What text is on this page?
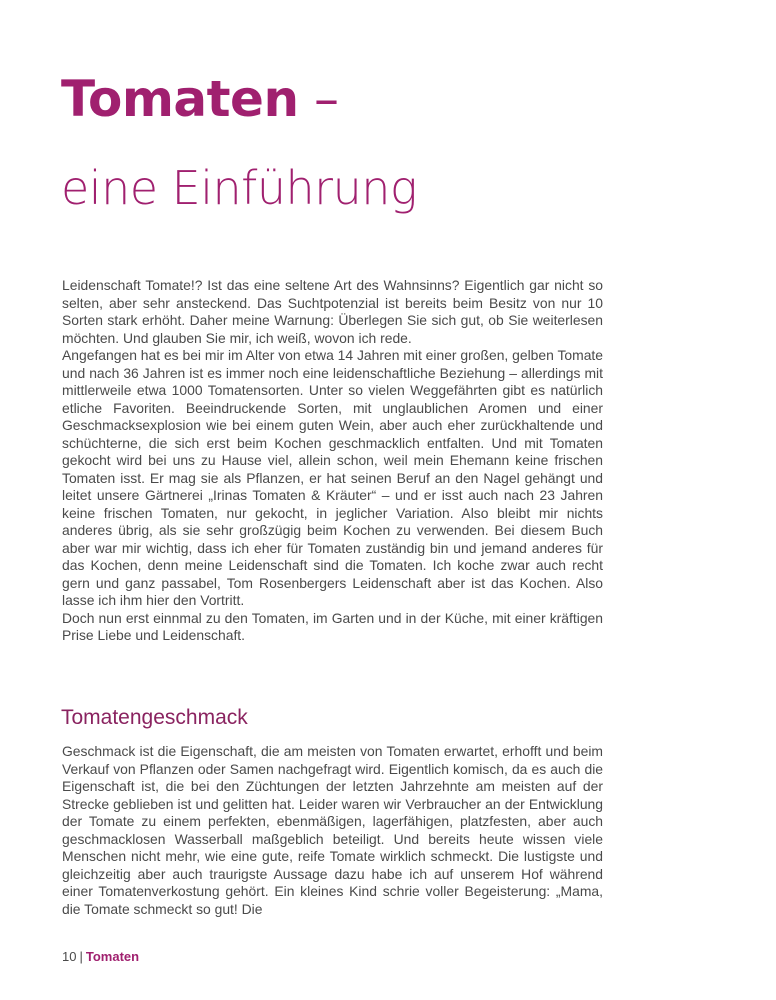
Tomaten –
eine Einführung

Leidenschaft Tomate!? Ist das eine seltene Art des Wahnsinns? Eigentlich gar nicht so selten, aber sehr ansteckend. Das Suchtpotenzial ist bereits beim Besitz von nur 10 Sorten stark erhöht. Daher meine Warnung: Überlegen Sie sich gut, ob Sie weiterlesen möchten. Und glauben Sie mir, ich weiß, wovon ich rede.

Angefangen hat es bei mir im Alter von etwa 14 Jahren mit einer großen, gelben Tomate und nach 36 Jahren ist es immer noch eine leidenschaftliche Beziehung – allerdings mit mittlerweile etwa 1000 Tomatensorten. Unter so vielen Weggefährten gibt es natürlich etliche Favoriten. Beeindruckende Sorten, mit unglaublichen Aromen und einer Geschmacksexplosion wie bei einem guten Wein, aber auch eher zurückhaltende und schüchterne, die sich erst beim Kochen geschmacklich entfalten. Und mit Tomaten gekocht wird bei uns zu Hause viel, allein schon, weil mein Ehemann keine frischen Tomaten isst. Er mag sie als Pflanzen, er hat seinen Beruf an den Nagel gehängt und leitet unsere Gärtnerei „Irinas Tomaten & Kräuter“ – und er isst auch nach 23 Jahren keine frischen Tomaten, nur gekocht, in jeglicher Variation. Also bleibt mir nichts anderes übrig, als sie sehr großzügig beim Kochen zu verwenden. Bei diesem Buch aber war mir wichtig, dass ich eher für Tomaten zuständig bin und jemand anderes für das Kochen, denn meine Leidenschaft sind die Tomaten. Ich koche zwar auch recht gern und ganz passabel, Tom Rosenbergers Leidenschaft aber ist das Kochen. Also lasse ich ihm hier den Vortritt.

Doch nun erst einnmal zu den Tomaten, im Garten und in der Küche, mit einer kräftigen Prise Liebe und Leidenschaft.

Tomatengeschmack

Geschmack ist die Eigenschaft, die am meisten von Tomaten erwartet, erhofft und beim Verkauf von Pflanzen oder Samen nachgefragt wird. Eigentlich komisch, da es auch die Eigenschaft ist, die bei den Züchtungen der letzten Jahrzehnte am meisten auf der Strecke geblieben ist und gelitten hat. Leider waren wir Verbraucher an der Entwicklung der Tomate zu einem perfekten, ebenmäßigen, lagerfähigen, platzfesten, aber auch geschmacklosen Wasserball maßgeblich beteiligt. Und bereits heute wissen viele Menschen nicht mehr, wie eine gute, reife Tomate wirklich schmeckt. Die lustigste und gleichzeitig aber auch traurigste Aussage dazu habe ich auf unserem Hof während einer Tomatenverkostung gehört. Ein kleines Kind schrie voller Begeisterung: „Mama, die Tomate schmeckt so gut! Die

10 | Tomaten
